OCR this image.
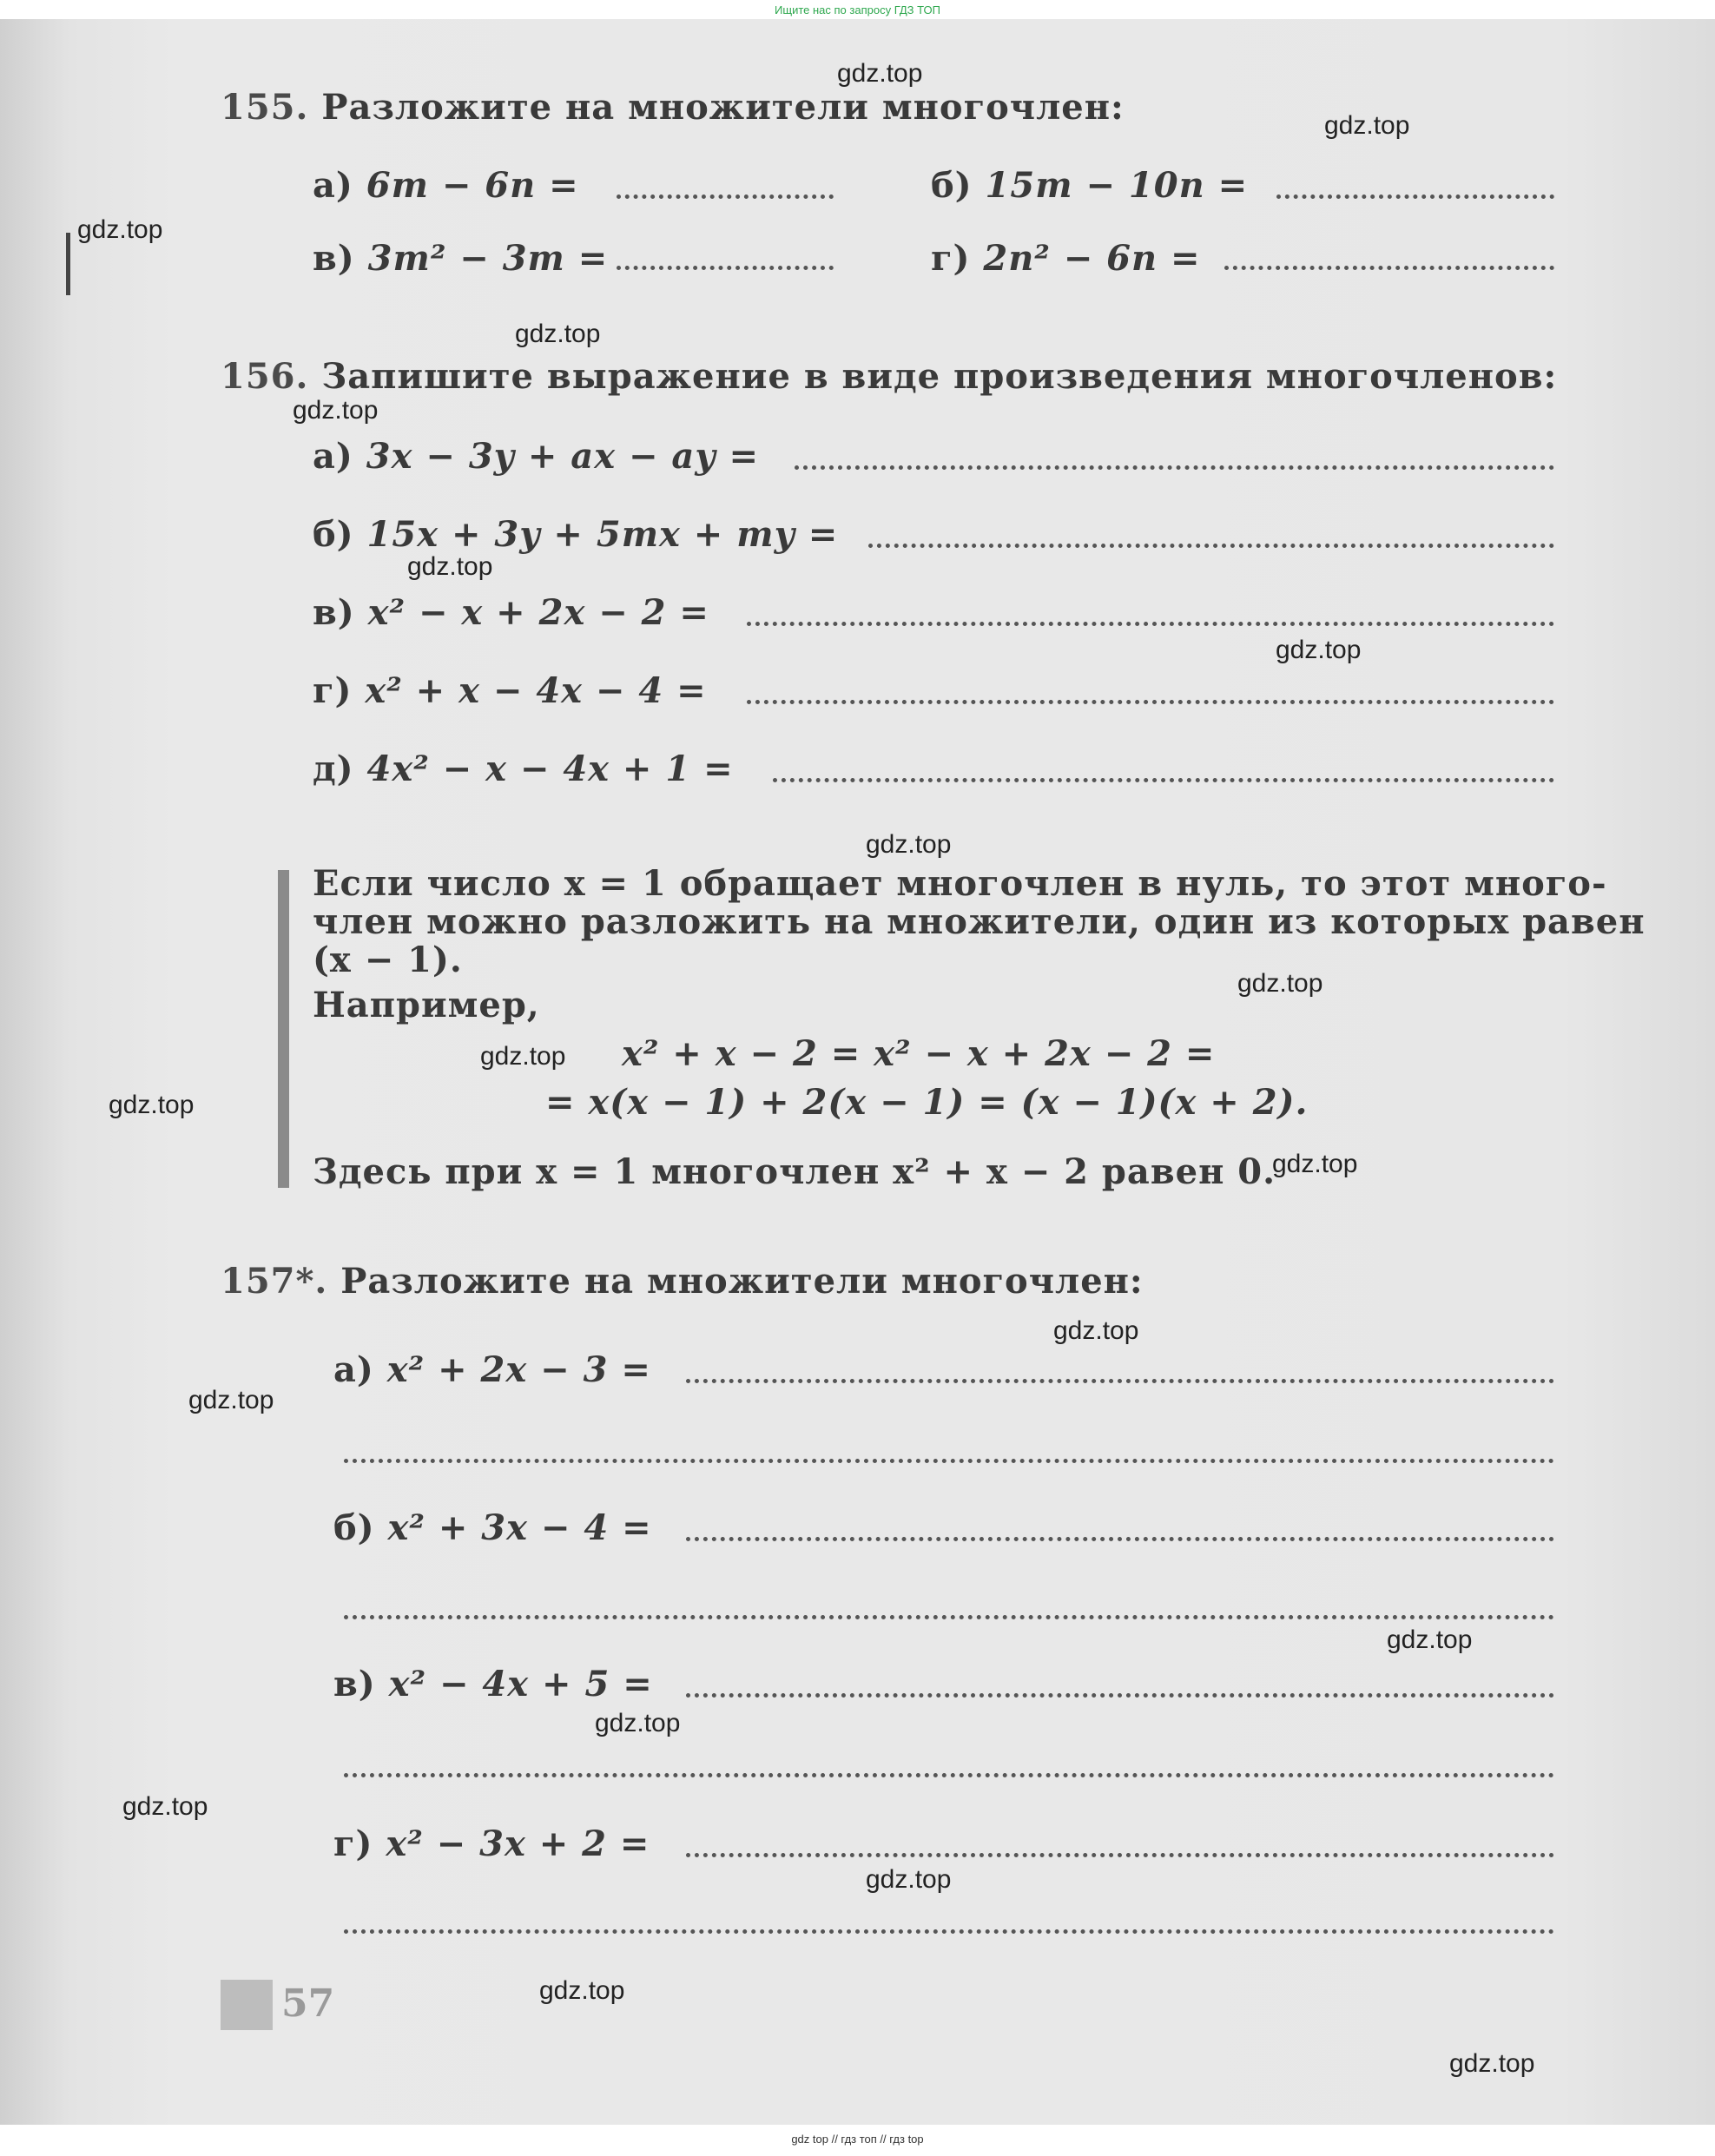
Ищите нас по запросу ГДЗ ТОП
155. Разложите на множители многочлен:
а) 6m − 6n =	б) 15m − 10n =
в) 3m² − 3m =	г) 2n² − 6n =
156. Запишите выражение в виде произведения многочленов:
а) 3x − 3y + ax − ay =
б) 15x + 3y + 5mx + my =
в) x² − x + 2x − 2 =
г) x² + x − 4x − 4 =
д) 4x² − x − 4x + 1 =
Если число x = 1 обращает многочлен в нуль, то этот много-
член можно разложить на множители, один из которых равен
(x − 1).
Например,
x² + x − 2 = x² − x + 2x − 2 =
= x(x − 1) + 2(x − 1) = (x − 1)(x + 2).
Здесь при x = 1 многочлен x² + x − 2 равен 0.
157*. Разложите на множители многочлен:
а) x² + 2x − 3 =
б) x² + 3x − 4 =
в) x² − 4x + 5 =
г) x² − 3x + 2 =
57
gdz.top
gdz.top
gdz.top
gdz.top
gdz.top
gdz.top
gdz.top
gdz.top
gdz.top
gdz.top
gdz.top
gdz.top
gdz.top
gdz.top
gdz.top
gdz.top
gdz.top
gdz.top
gdz.top
gdz.top
gdz top // гдз топ // гдз top
